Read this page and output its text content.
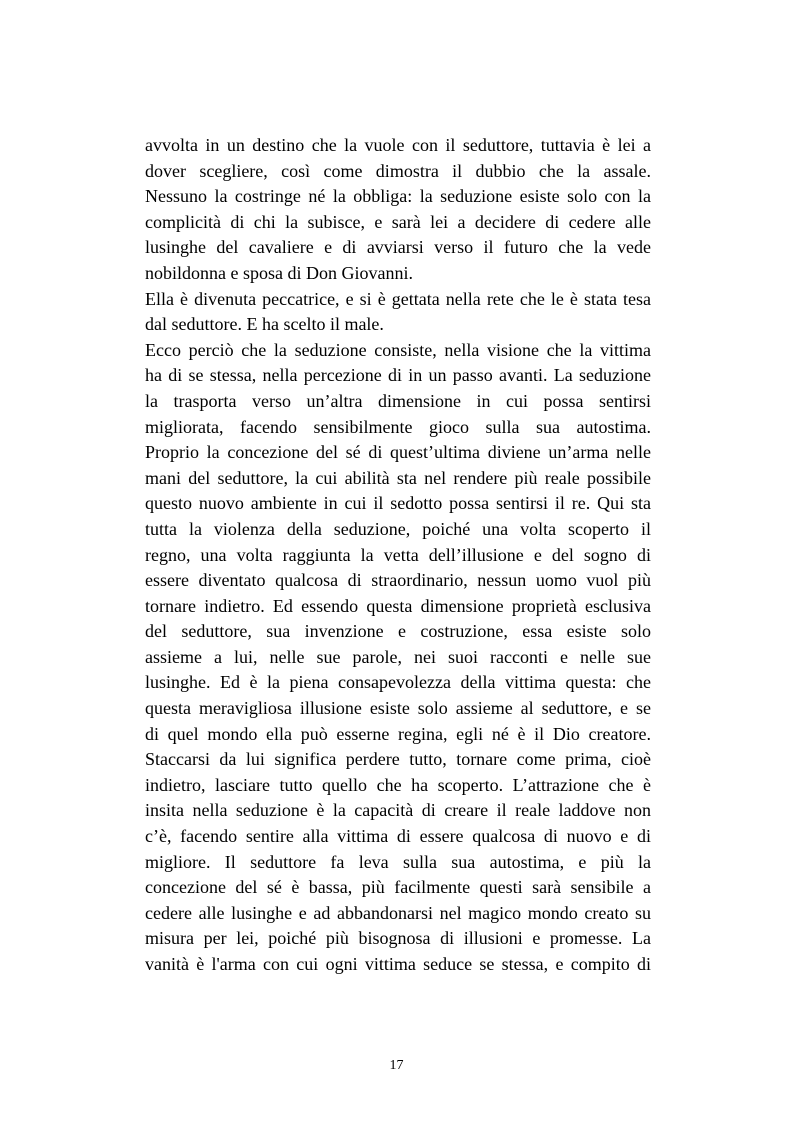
avvolta in un destino che la vuole con il seduttore, tuttavia è lei a
dover scegliere, così come dimostra il dubbio che la assale.
Nessuno la costringe né la obbliga: la seduzione esiste solo con la
complicità di chi la subisce, e sarà lei a decidere di cedere alle
lusinghe del cavaliere e di avviarsi verso il futuro che la vede
nobildonna e sposa di Don Giovanni.
Ella è divenuta peccatrice, e si è gettata nella rete che le è stata tesa
dal seduttore. E ha scelto il male.
Ecco perciò che la seduzione consiste, nella visione che la vittima
ha di se stessa, nella percezione di in un passo avanti. La seduzione
la trasporta verso un’altra dimensione in cui possa sentirsi
migliorata, facendo sensibilmente gioco sulla sua autostima.
Proprio la concezione del sé di quest’ultima diviene un’arma nelle
mani del seduttore, la cui abilità sta nel rendere più reale possibile
questo nuovo ambiente in cui il sedotto possa sentirsi il re. Qui sta
tutta la violenza della seduzione, poiché una volta scoperto il
regno, una volta raggiunta la vetta dell’illusione e del sogno di
essere diventato qualcosa di straordinario, nessun uomo vuol più
tornare indietro. Ed essendo questa dimensione proprietà esclusiva
del seduttore, sua invenzione e costruzione, essa esiste solo
assieme a lui, nelle sue parole, nei suoi racconti e nelle sue
lusinghe. Ed è la piena consapevolezza della vittima questa: che
questa meravigliosa illusione esiste solo assieme al seduttore, e se
di quel mondo ella può esserne regina, egli né è il Dio creatore.
Staccarsi da lui significa perdere tutto, tornare come prima, cioè
indietro, lasciare tutto quello che ha scoperto. L’attrazione che è
insita nella seduzione è la capacità di creare il reale laddove non
c’è, facendo sentire alla vittima di essere qualcosa di nuovo e di
migliore. Il seduttore fa leva sulla sua autostima, e più la
concezione del sé è bassa, più facilmente questi sarà sensibile a
cedere alle lusinghe e ad abbandonarsi nel magico mondo creato su
misura per lei, poiché più bisognosa di illusioni e promesse. La
vanità è l'arma con cui ogni vittima seduce se stessa, e compito di
17
